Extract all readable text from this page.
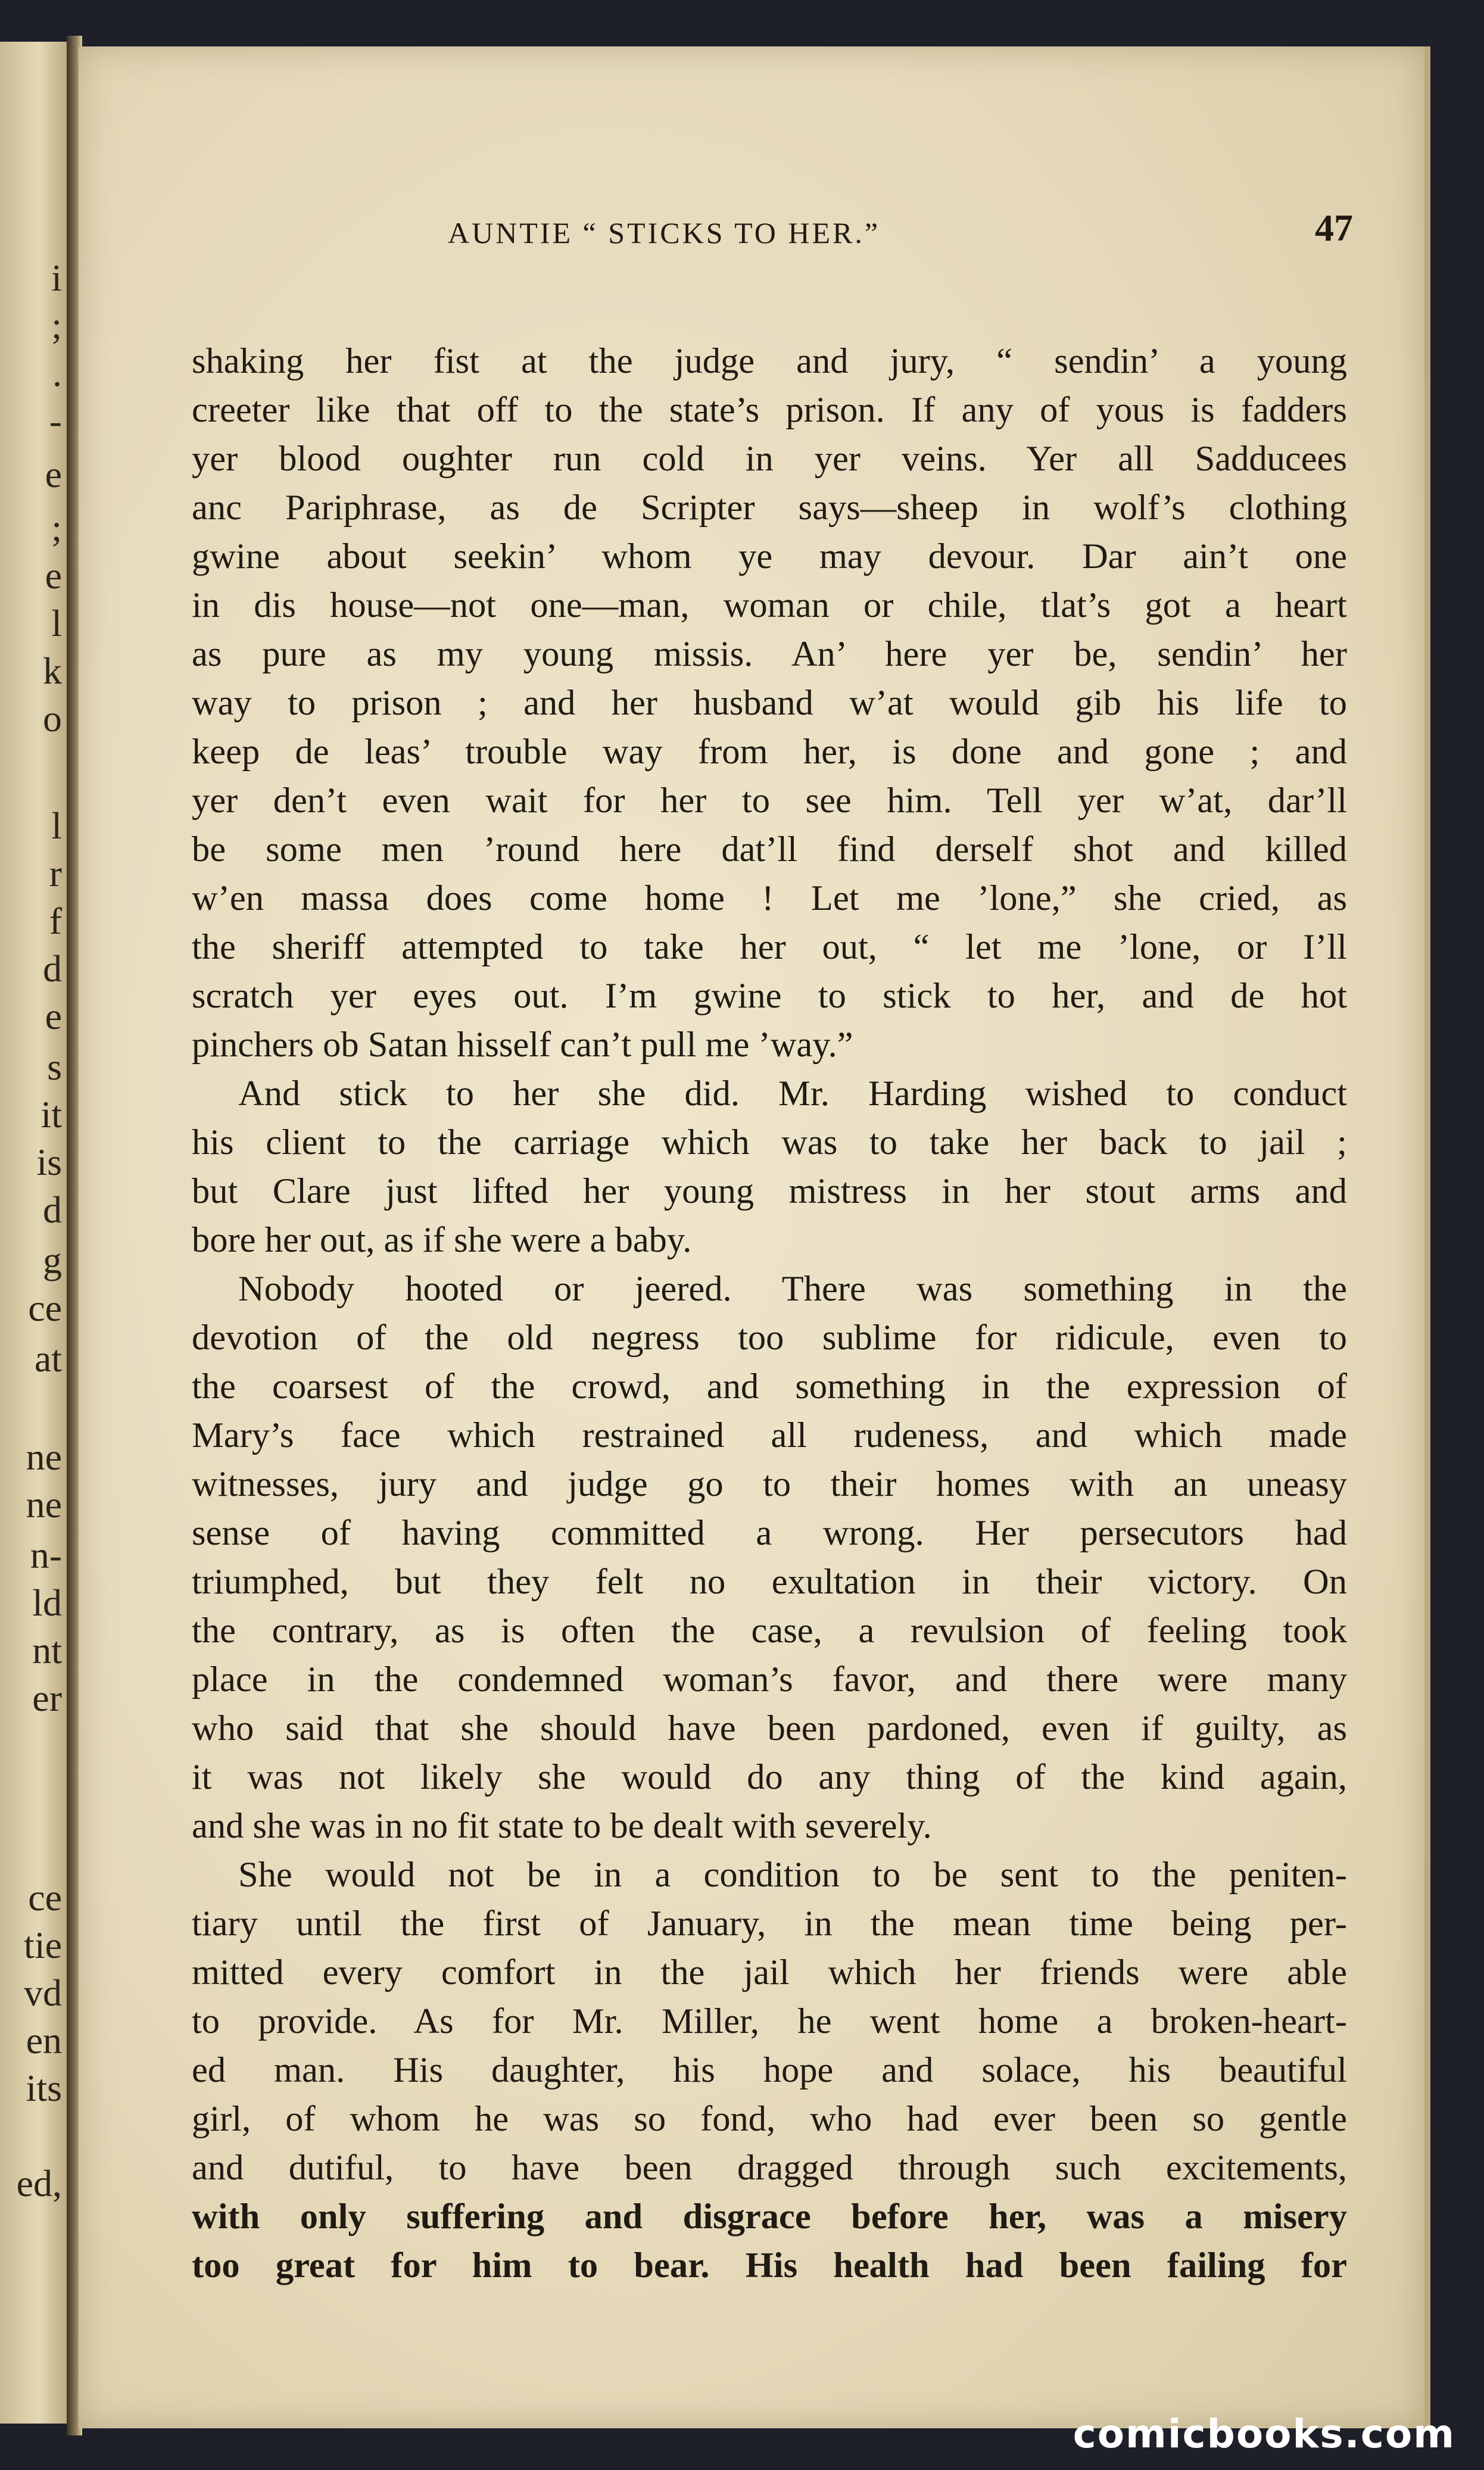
i
;
.
-
e
;
e
l
k
o
l
r
f
d
e
s
it
is
d
g
ce
at
ne
ne
n-
ld
nt
er
ce
tie
vd
en
its
ed,
AUNTIE “ STICKS TO HER.”	47
shaking her fist at the judge and jury, “ sendin’ a young
creeter like that off to the state’s prison. If any of yous is fadders
yer blood oughter run cold in yer veins. Yer all Sadducees
anc Pariphrase, as de Scripter says—sheep in wolf’s clothing
gwine about seekin’ whom ye may devour. Dar ain’t one
in dis house—not one—man, woman or chile, tlat’s got a heart
as pure as my young missis. An’ here yer be, sendin’ her
way to prison ; and her husband w’at would gib his life to
keep de leas’ trouble way from her, is done and gone ; and
yer den’t even wait for her to see him. Tell yer w’at, dar’ll
be some men ’round here dat’ll find derself shot and killed
w’en massa does come home ! Let me ’lone,” she cried, as
the sheriff attempted to take her out, “ let me ’lone, or I’ll
scratch yer eyes out. I’m gwine to stick to her, and de hot
pinchers ob Satan hisself can’t pull me ’way.”
And stick to her she did. Mr. Harding wished to conduct
his client to the carriage which was to take her back to jail ;
but Clare just lifted her young mistress in her stout arms and
bore her out, as if she were a baby.
Nobody hooted or jeered. There was something in the
devotion of the old negress too sublime for ridicule, even to
the coarsest of the crowd, and something in the expression of
Mary’s face which restrained all rudeness, and which made
witnesses, jury and judge go to their homes with an uneasy
sense of having committed a wrong. Her persecutors had
triumphed, but they felt no exultation in their victory. On
the contrary, as is often the case, a revulsion of feeling took
place in the condemned woman’s favor, and there were many
who said that she should have been pardoned, even if guilty, as
it was not likely she would do any thing of the kind again,
and she was in no fit state to be dealt with severely.
She would not be in a condition to be sent to the peniten-
tiary until the first of January, in the mean time being per-
mitted every comfort in the jail which her friends were able
to provide. As for Mr. Miller, he went home a broken-heart-
ed man. His daughter, his hope and solace, his beautiful
girl, of whom he was so fond, who had ever been so gentle
and dutiful, to have been dragged through such excitements,
with only suffering and disgrace before her, was a misery
too great for him to bear. His health had been failing for
comicbooks.com
